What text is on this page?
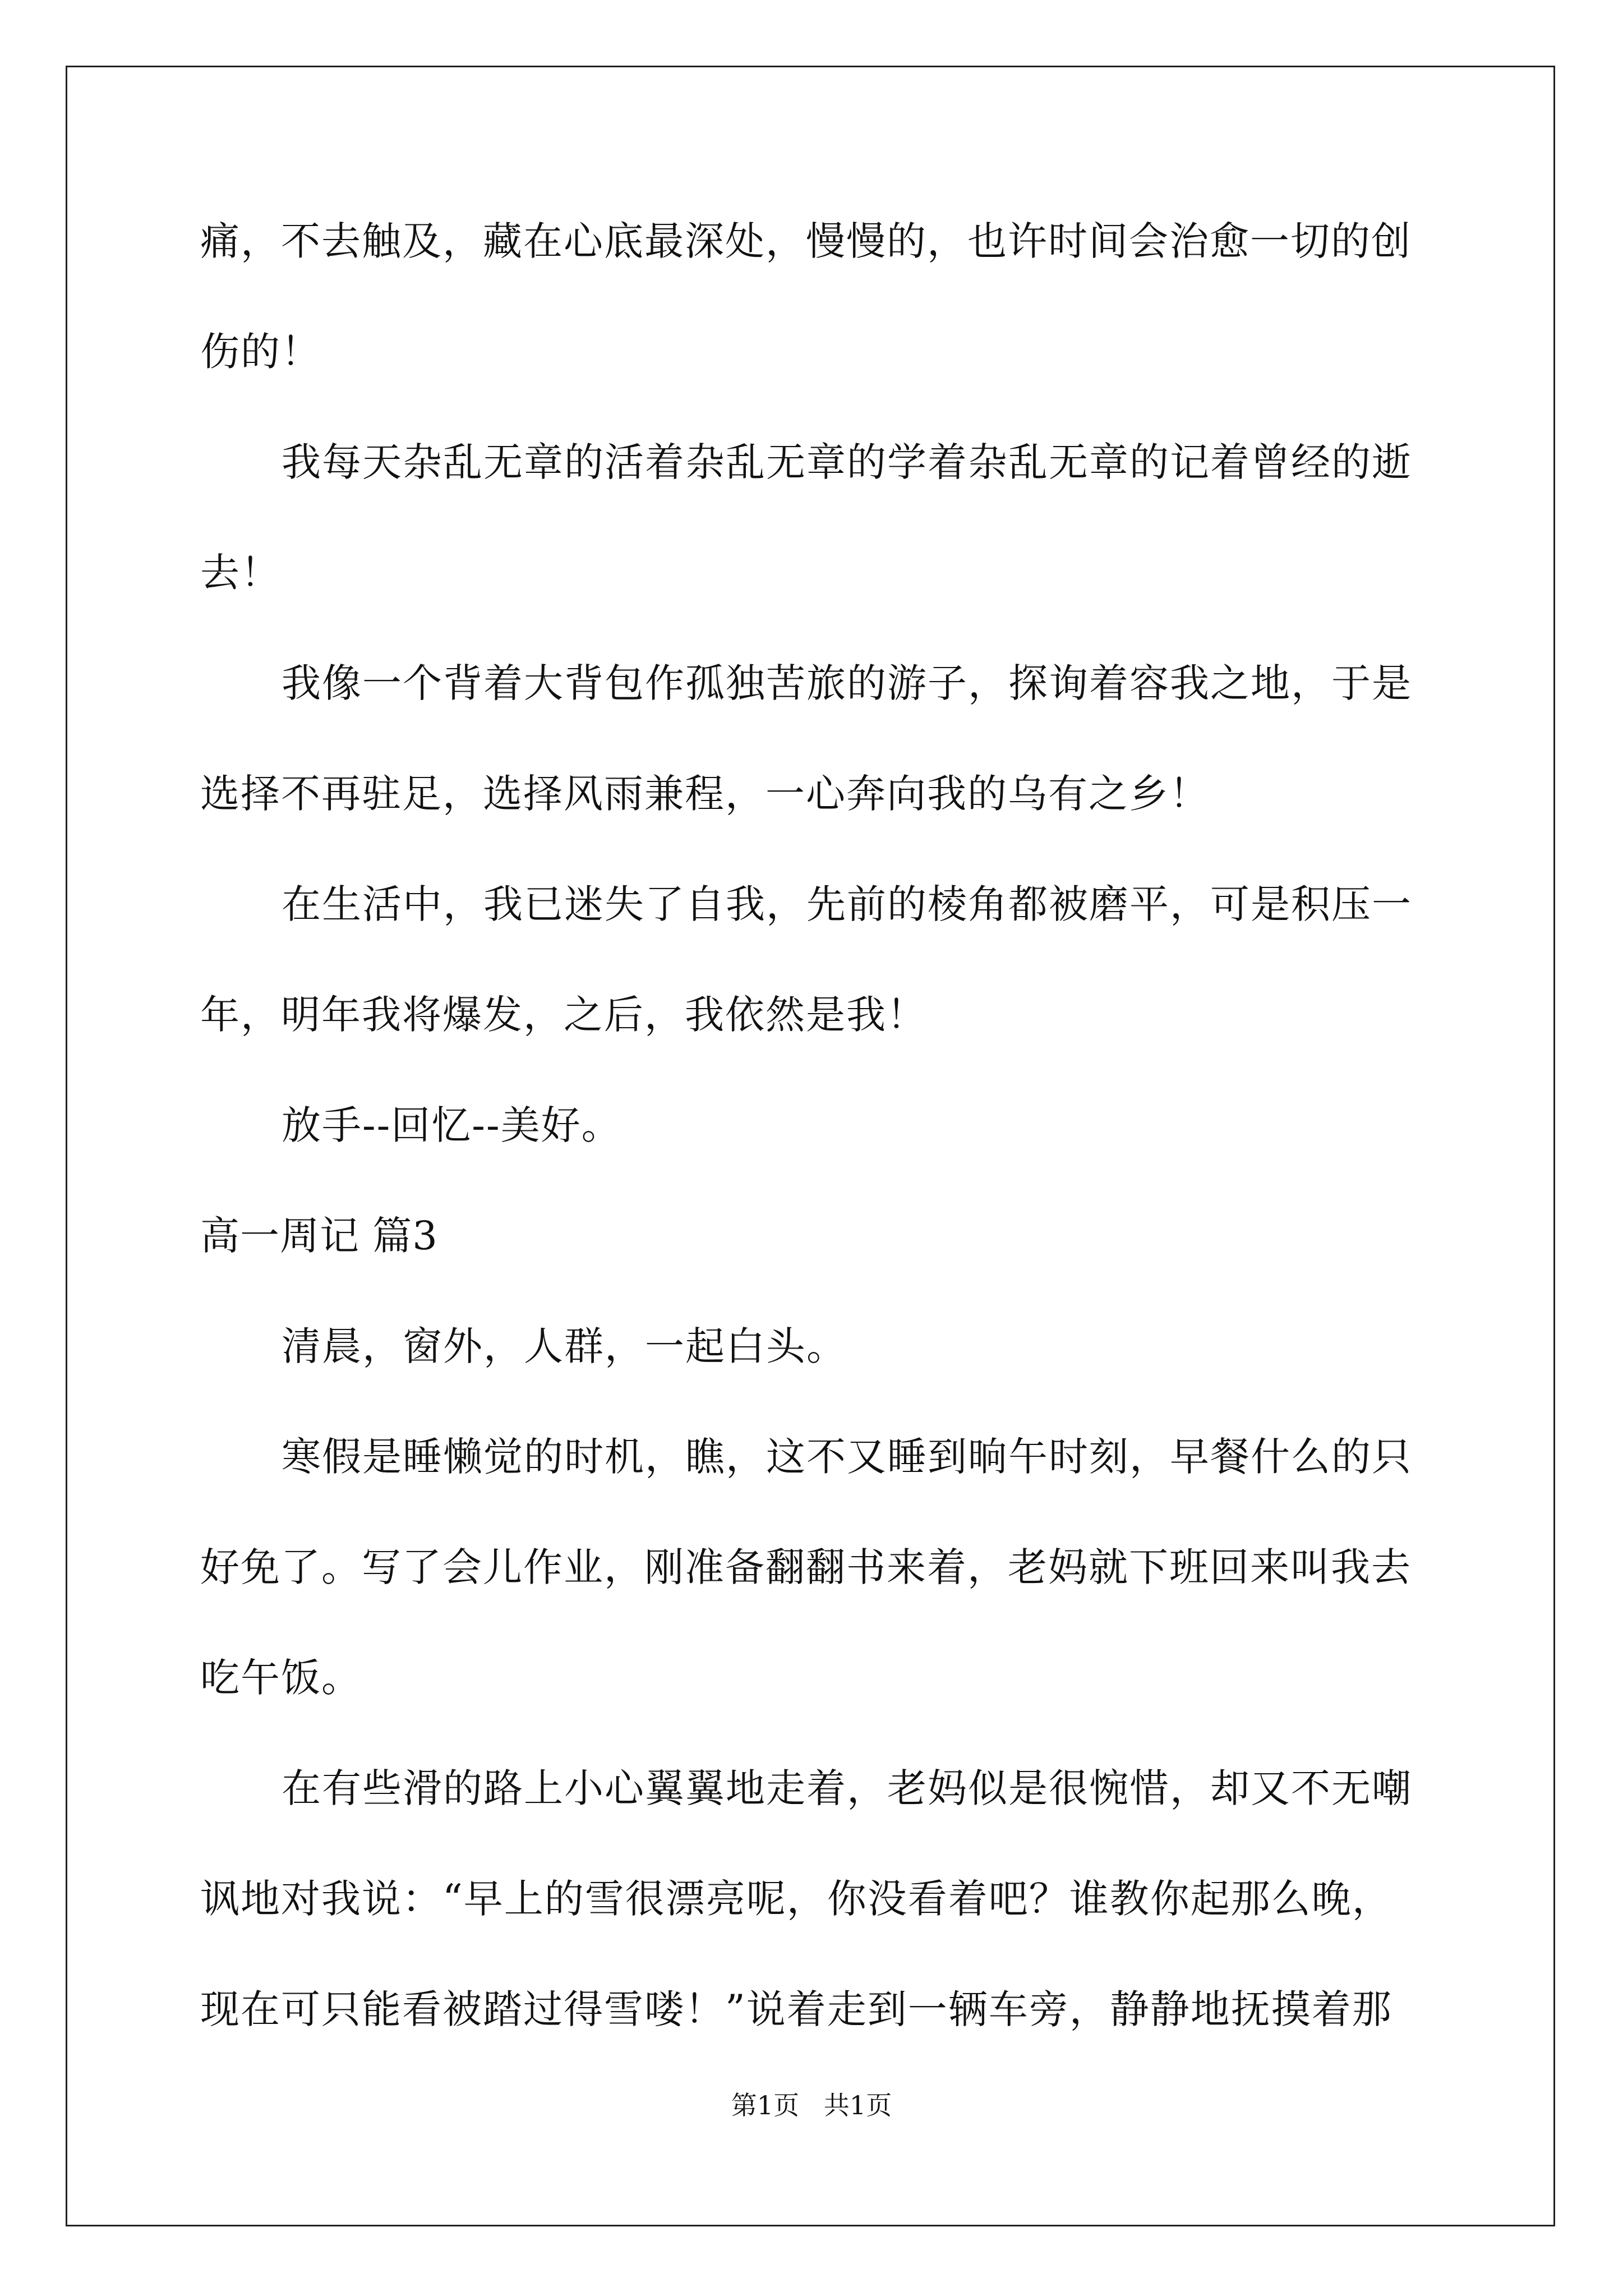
痛，不去触及，藏在心底最深处，慢慢的，也许时间会治愈一切的创
伤的！
我每天杂乱无章的活着杂乱无章的学着杂乱无章的记着曾经的逝
去！
我像一个背着大背包作孤独苦旅的游子，探询着容我之地，于是
选择不再驻足，选择风雨兼程，一心奔向我的乌有之乡！
在生活中，我已迷失了自我，先前的棱角都被磨平，可是积压一
年，明年我将爆发，之后，我依然是我！
放手--回忆--美好。
高一周记 篇3
清晨，窗外，人群，一起白头。
寒假是睡懒觉的时机，瞧，这不又睡到晌午时刻，早餐什么的只
好免了。写了会儿作业，刚准备翻翻书来着，老妈就下班回来叫我去
吃午饭。
在有些滑的路上小心翼翼地走着，老妈似是很惋惜，却又不无嘲
讽地对我说：“早上的雪很漂亮呢，你没看着吧？谁教你起那么晚，
现在可只能看被踏过得雪喽！”说着走到一辆车旁，静静地抚摸着那
第1页   共1页
